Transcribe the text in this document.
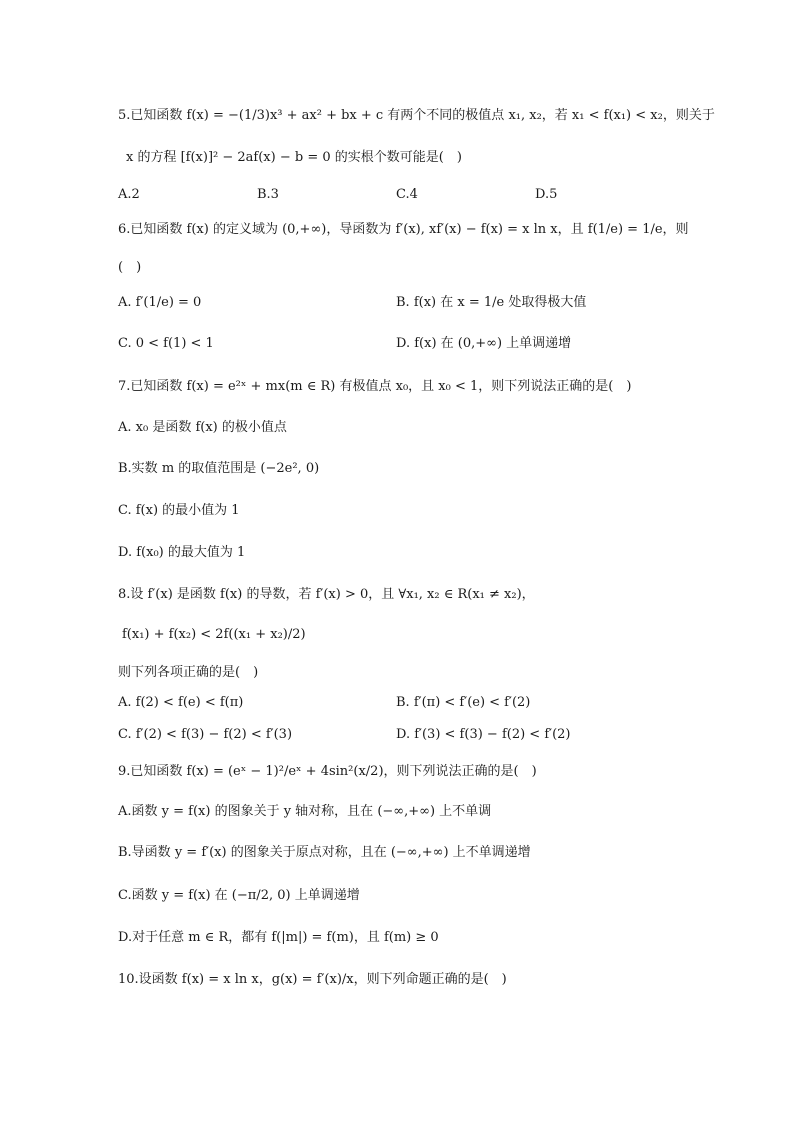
5.已知函数 f(x) = −(1/3)x³ + ax² + bx + c 有两个不同的极值点 x₁, x₂，若 x₁ < f(x₁) < x₂，则关于
x 的方程 [f(x)]² − 2af(x) − b = 0 的实根个数可能是(　)
A.2	B.3	C.4	D.5
6.已知函数 f(x) 的定义域为 (0,+∞)，导函数为 f′(x), xf′(x) − f(x) = x ln x，且 f(1/e) = 1/e，则
(　)
A. f′(1/e) = 0	B. f(x) 在 x = 1/e 处取得极大值
C. 0 < f(1) < 1	D. f(x) 在 (0,+∞) 上单调递增
7.已知函数 f(x) = e²ˣ + mx(m ∈ R) 有极值点 x₀，且 x₀ < 1，则下列说法正确的是(　)
A. x₀ 是函数 f(x) 的极小值点
B.实数 m 的取值范围是 (−2e², 0)
C. f(x) 的最小值为 1
D. f(x₀) 的最大值为 1
8.设 f′(x) 是函数 f(x) 的导数，若 f′(x) > 0，且 ∀x₁, x₂ ∈ R(x₁ ≠ x₂)，
f(x₁) + f(x₂) < 2f((x₁ + x₂)/2)
则下列各项正确的是(　)
A. f(2) < f(e) < f(π)	B. f′(π) < f′(e) < f′(2)
C. f′(2) < f(3) − f(2) < f′(3)	D. f′(3) < f(3) − f(2) < f′(2)
9.已知函数 f(x) = (eˣ − 1)²/eˣ + 4sin²(x/2)，则下列说法正确的是(　)
A.函数 y = f(x) 的图象关于 y 轴对称，且在 (−∞,+∞) 上不单调
B.导函数 y = f′(x) 的图象关于原点对称，且在 (−∞,+∞) 上不单调递增
C.函数 y = f(x) 在 (−π/2, 0) 上单调递增
D.对于任意 m ∈ R，都有 f(|m|) = f(m)，且 f(m) ≥ 0
10.设函数 f(x) = x ln x，g(x) = f′(x)/x，则下列命题正确的是(　)
